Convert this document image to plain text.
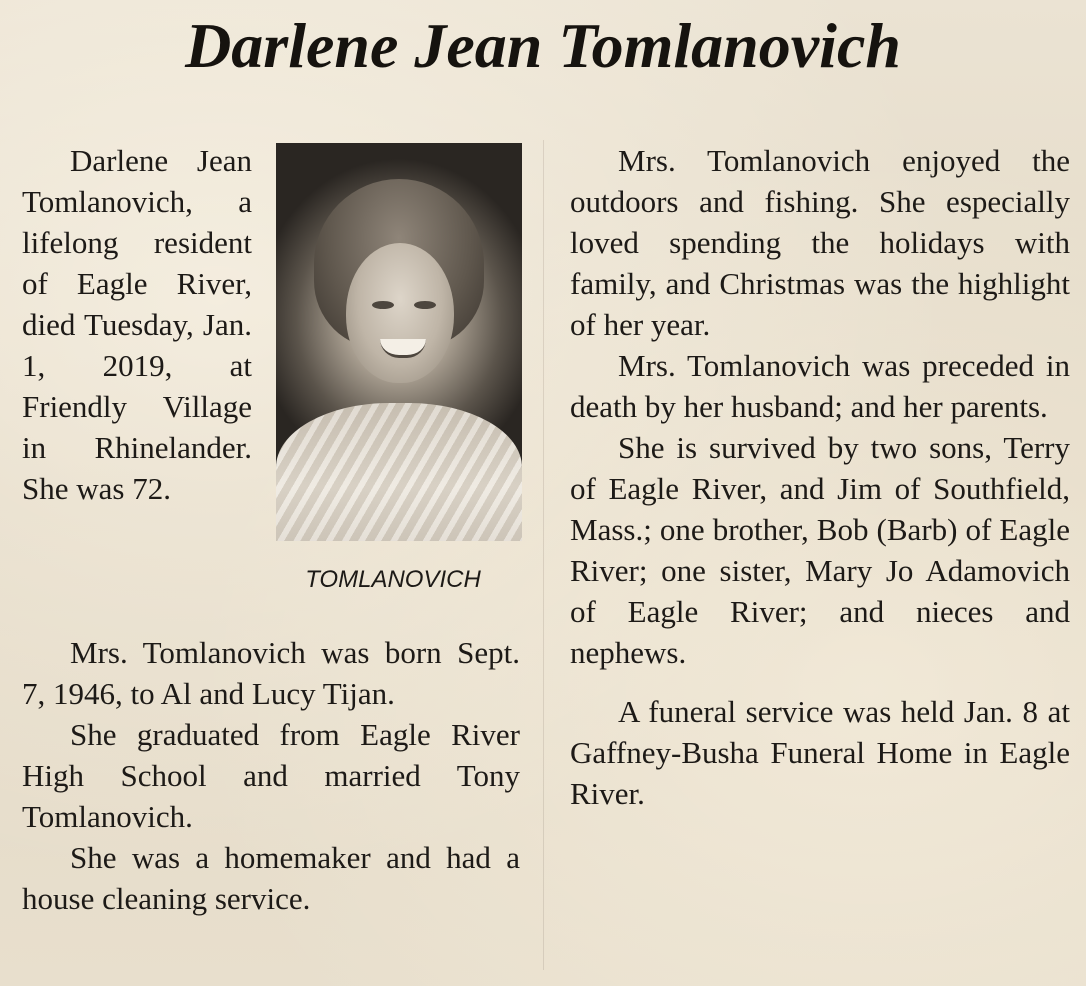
Darlene Jean Tomlanovich

Darlene Jean Tomlanovich, a lifelong resident of Eagle River, died Tuesday, Jan. 1, 2019, at Friendly Village in Rhinelander. She was 72.

TOMLANOVICH

Mrs. Tomlanovich was born Sept. 7, 1946, to Al and Lucy Tijan.

She graduated from Eagle River High School and married Tony Tomlanovich.

She was a homemaker and had a house cleaning service.

Mrs. Tomlanovich enjoyed the outdoors and fishing. She especially loved spending the holidays with family, and Christmas was the highlight of her year.

Mrs. Tomlanovich was preceded in death by her husband; and her parents.

She is survived by two sons, Terry of Eagle River, and Jim of Southfield, Mass.; one brother, Bob (Barb) of Eagle River; one sister, Mary Jo Adamovich of Eagle River; and nieces and nephews.

A funeral service was held Jan. 8 at Gaffney-Busha Funeral Home in Eagle River.
